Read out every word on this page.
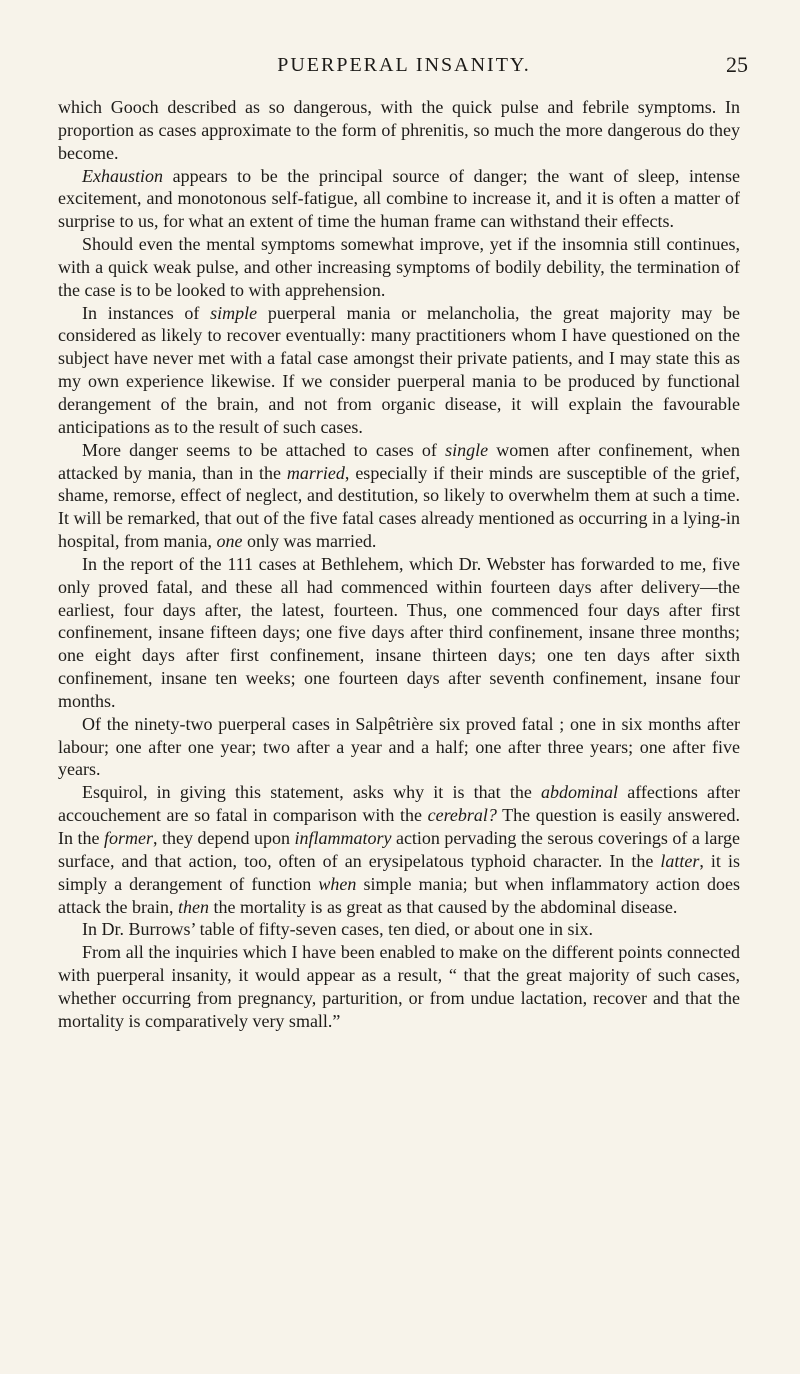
PUERPERAL INSANITY.	25

which Gooch described as so dangerous, with the quick pulse and febrile symptoms. In proportion as cases approximate to the form of phrenitis, so much the more dangerous do they become.

Exhaustion appears to be the principal source of danger; the want of sleep, intense excitement, and monotonous self-fatigue, all combine to increase it, and it is often a matter of surprise to us, for what an extent of time the human frame can withstand their effects.

Should even the mental symptoms somewhat improve, yet if the insomnia still continues, with a quick weak pulse, and other increasing symptoms of bodily debility, the termination of the case is to be looked to with apprehension.

In instances of simple puerperal mania or melancholia, the great majority may be considered as likely to recover eventually: many practitioners whom I have questioned on the subject have never met with a fatal case amongst their private patients, and I may state this as my own experience likewise. If we consider puerperal mania to be produced by functional derangement of the brain, and not from organic disease, it will explain the favourable anticipations as to the result of such cases.

More danger seems to be attached to cases of single women after confinement, when attacked by mania, than in the married, especially if their minds are susceptible of the grief, shame, remorse, effect of neglect, and destitution, so likely to overwhelm them at such a time. It will be remarked, that out of the five fatal cases already mentioned as occurring in a lying-in hospital, from mania, one only was married.

In the report of the 111 cases at Bethlehem, which Dr. Webster has forwarded to me, five only proved fatal, and these all had commenced within fourteen days after delivery—the earliest, four days after, the latest, fourteen. Thus, one commenced four days after first confinement, insane fifteen days; one five days after third confinement, insane three months; one eight days after first confinement, insane thirteen days; one ten days after sixth confinement, insane ten weeks; one fourteen days after seventh confinement, insane four months.

Of the ninety-two puerperal cases in Salpêtrière six proved fatal ; one in six months after labour; one after one year; two after a year and a half; one after three years; one after five years.

Esquirol, in giving this statement, asks why it is that the abdominal affections after accouchement are so fatal in comparison with the cerebral? The question is easily answered. In the former, they depend upon inflammatory action pervading the serous coverings of a large surface, and that action, too, often of an erysipelatous typhoid character. In the latter, it is simply a derangement of function when simple mania; but when inflammatory action does attack the brain, then the mortality is as great as that caused by the abdominal disease.

In Dr. Burrows’ table of fifty-seven cases, ten died, or about one in six.

From all the inquiries which I have been enabled to make on the different points connected with puerperal insanity, it would appear as a result, “ that the great majority of such cases, whether occurring from pregnancy, parturition, or from undue lactation, recover and that the mortality is comparatively very small.”
